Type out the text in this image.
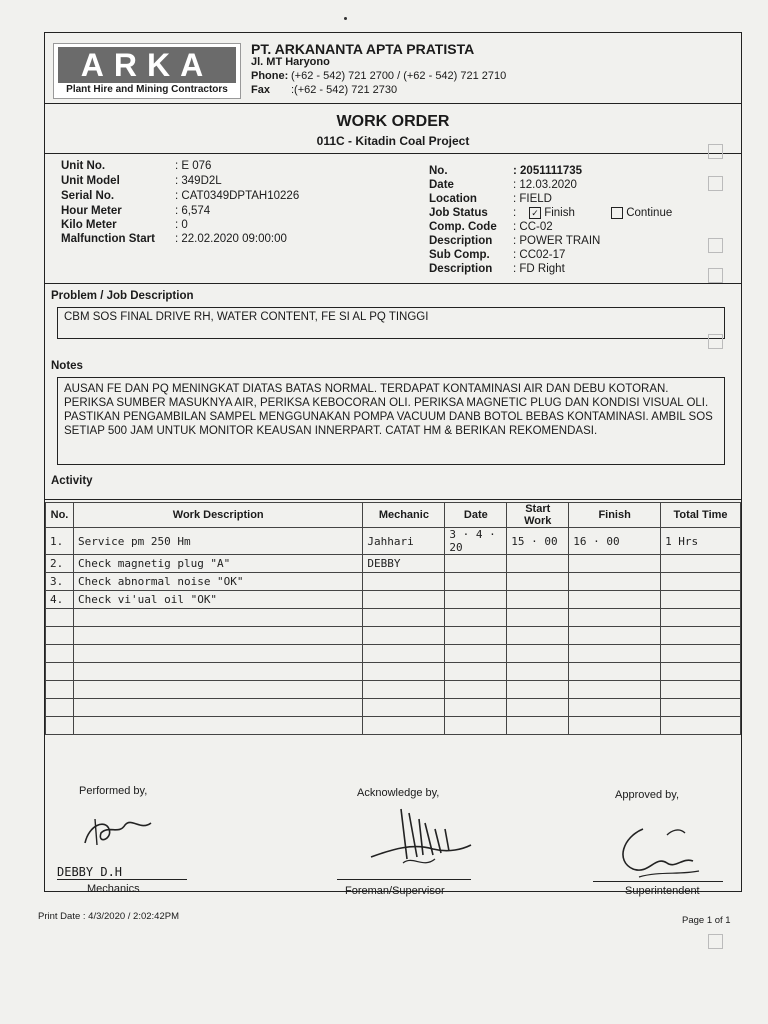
ARKA
Plant Hire and Mining Contractors
PT. ARKANANTA APTA PRATISTA
Jl. MT Haryono
Phone: (+62 - 542) 721 2700 / (+62 - 542) 721 2710
Fax :(+62 - 542) 721 2730
WORK ORDER
011C - Kitadin Coal Project
Unit No.	: E 076
Unit Model	: 349D2L
Serial No.	: CAT0349DPTAH10226
Hour Meter	: 6,574
Kilo Meter	: 0
Malfunction Start : 22.02.2020 09:00:00
No.	: 2051111735
Date	: 12.03.2020
Location	: FIELD
Job Status : ✓ Finish	Continue
Comp. Code : CC-02
Description : POWER TRAIN
Sub Comp. : CC02-17
Description : FD Right
Problem / Job Description
CBM SOS FINAL DRIVE RH, WATER CONTENT, FE SI AL PQ TINGGI
Notes
AUSAN FE DAN PQ MENINGKAT DIATAS BATAS NORMAL. TERDAPAT KONTAMINASI AIR DAN DEBU KOTORAN. PERIKSA SUMBER MASUKNYA AIR, PERIKSA KEBOCORAN OLI. PERIKSA MAGNETIC PLUG DAN KONDISI VISUAL OLI. PASTIKAN PENGAMBILAN SAMPEL MENGGUNAKAN POMPA VACUUM DANB BOTOL BEBAS KONTAMINASI. AMBIL SOS SETIAP 500 JAM UNTUK MONITOR KEAUSAN INNERPART. CATAT HM & BERIKAN REKOMENDASI.
Activity
No.	Work Description	Mechanic	Date	Start Work	Finish	Total Time
1.	Service pm 250 Hm	Jahhari	3 · 4 · 20	15 · 00	16 · 00	1 Hrs
2.	Check magnetig plug "A"	DEBBY				
3.	Check abnormal noise "OK"					
4.	Check vi'ual oil "OK"					

Performed by,	Acknowledge by,	Approved by,
DEBBY D.H
Mechanics	Foreman/Supervisor	Superintendent
Print Date : 4/3/2020 / 2:02:42PM	Page 1 of 1
